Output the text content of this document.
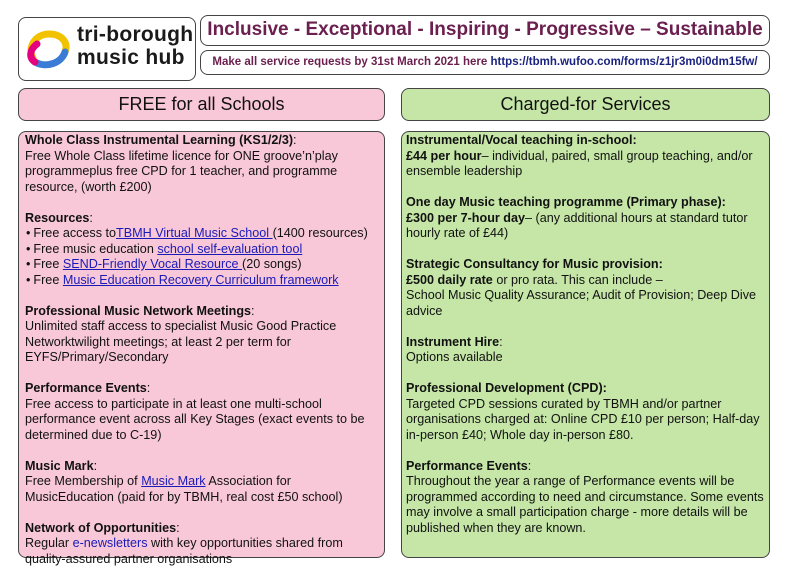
tri-borough
music hub
Inclusive - Exceptional - Inspiring - Progressive – Sustainable
Make all service requests by 31st March 2021 here https://tbmh.wufoo.com/forms/z1jr3m0i0dm15fw/
FREE for all Schools	Charged-for Services

Whole Class Instrumental Learning (KS1/2/3):

Free Whole Class lifetime licence for ONE groove’n’play programmeplus free CPD for 1 teacher, and programme resource, (worth £200)

Resources:

• Free access toTBMH Virtual Music School (1400 resources)
• Free music education school self-evaluation tool
• Free SEND-Friendly Vocal Resource (20 songs)
• Free Music Education Recovery Curriculum framework

Professional Music Network Meetings:

Unlimited staff access to specialist Music Good Practice Networktwilight meetings; at least 2 per term for EYFS/Primary/Secondary

Performance Events:

Free access to participate in at least one multi-school performance event across all Key Stages (exact events to be determined due to C-19)

Music Mark:

Free Membership of Music Mark Association for MusicEducation (paid for by TBMH, real cost £50 school)

Network of Opportunities:

Regular e-newsletters with key opportunities shared from quality-assured partner organisations

Instrumental/Vocal teaching in-school:

£44 per hour– individual, paired, small group teaching, and/or ensemble leadership

One day Music teaching programme (Primary phase):

£300 per 7-hour day– (any additional hours at standard tutor hourly rate of £44)

Strategic Consultancy for Music provision:

£500 daily rate or pro rata. This can include –

School Music Quality Assurance; Audit of Provision; Deep Dive advice

Instrument Hire:

Options available

Professional Development (CPD):

Targeted CPD sessions curated by TBMH and/or partner organisations charged at: Online CPD £10 per person; Half-day in-person £40; Whole day in-person £80.

Performance Events:

Throughout the year a range of Performance events will be programmed according to need and circumstance. Some events may involve a small participation charge - more details will be published when they are known.
